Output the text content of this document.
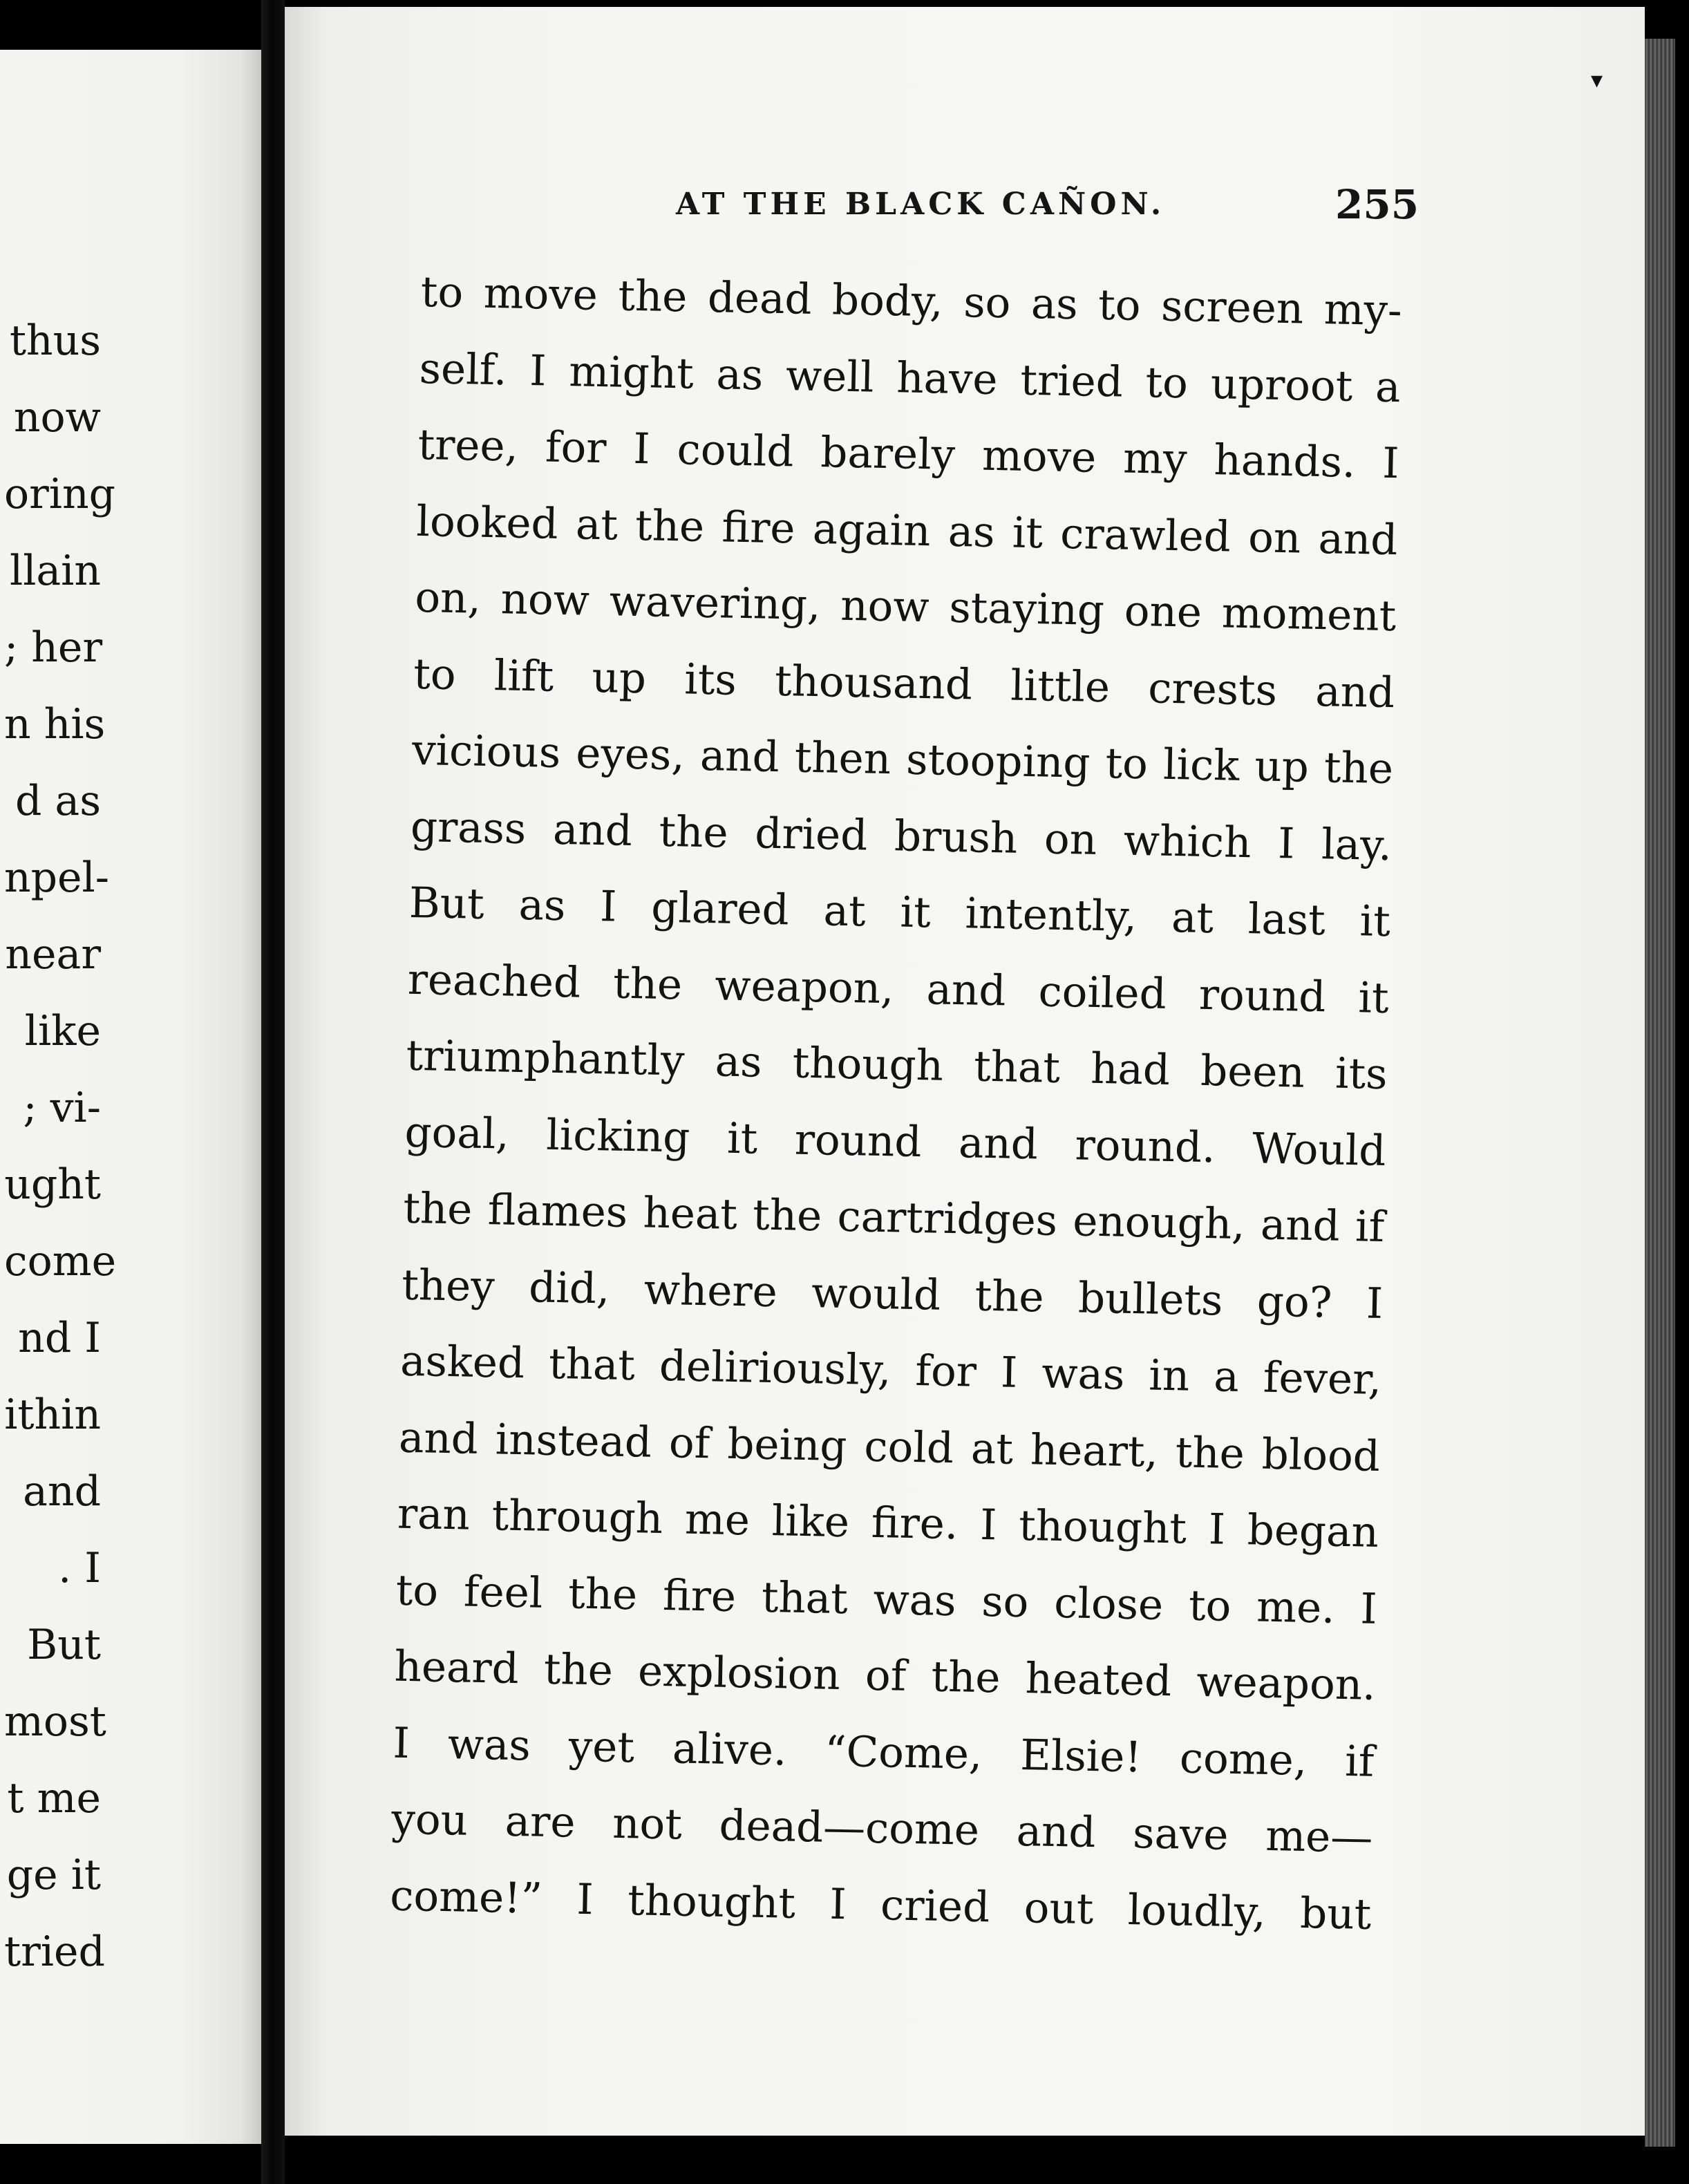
thus
now
oring
llain
; her
n his
d as
npel-
near
like
; vi-
ught
come
nd I
ithin
and
. I
But
most
t me
ge it
tried
▾
AT THE BLACK CAÑON.	255
to move the dead body, so as to screen my-
self. I might as well have tried to uproot a
tree, for I could barely move my hands. I
looked at the fire again as it crawled on and
on, now wavering, now staying one moment
to lift up its thousand little crests and
vicious eyes, and then stooping to lick up the
grass and the dried brush on which I lay.
But as I glared at it intently, at last it
reached the weapon, and coiled round it
triumphantly as though that had been its
goal, licking it round and round. Would
the flames heat the cartridges enough, and if
they did, where would the bullets go? I
asked that deliriously, for I was in a fever,
and instead of being cold at heart, the blood
ran through me like fire. I thought I began
to feel the fire that was so close to me. I
heard the explosion of the heated weapon.
I was yet alive. “Come, Elsie! come, if
you are not dead—come and save me—
come!” I thought I cried out loudly, but
